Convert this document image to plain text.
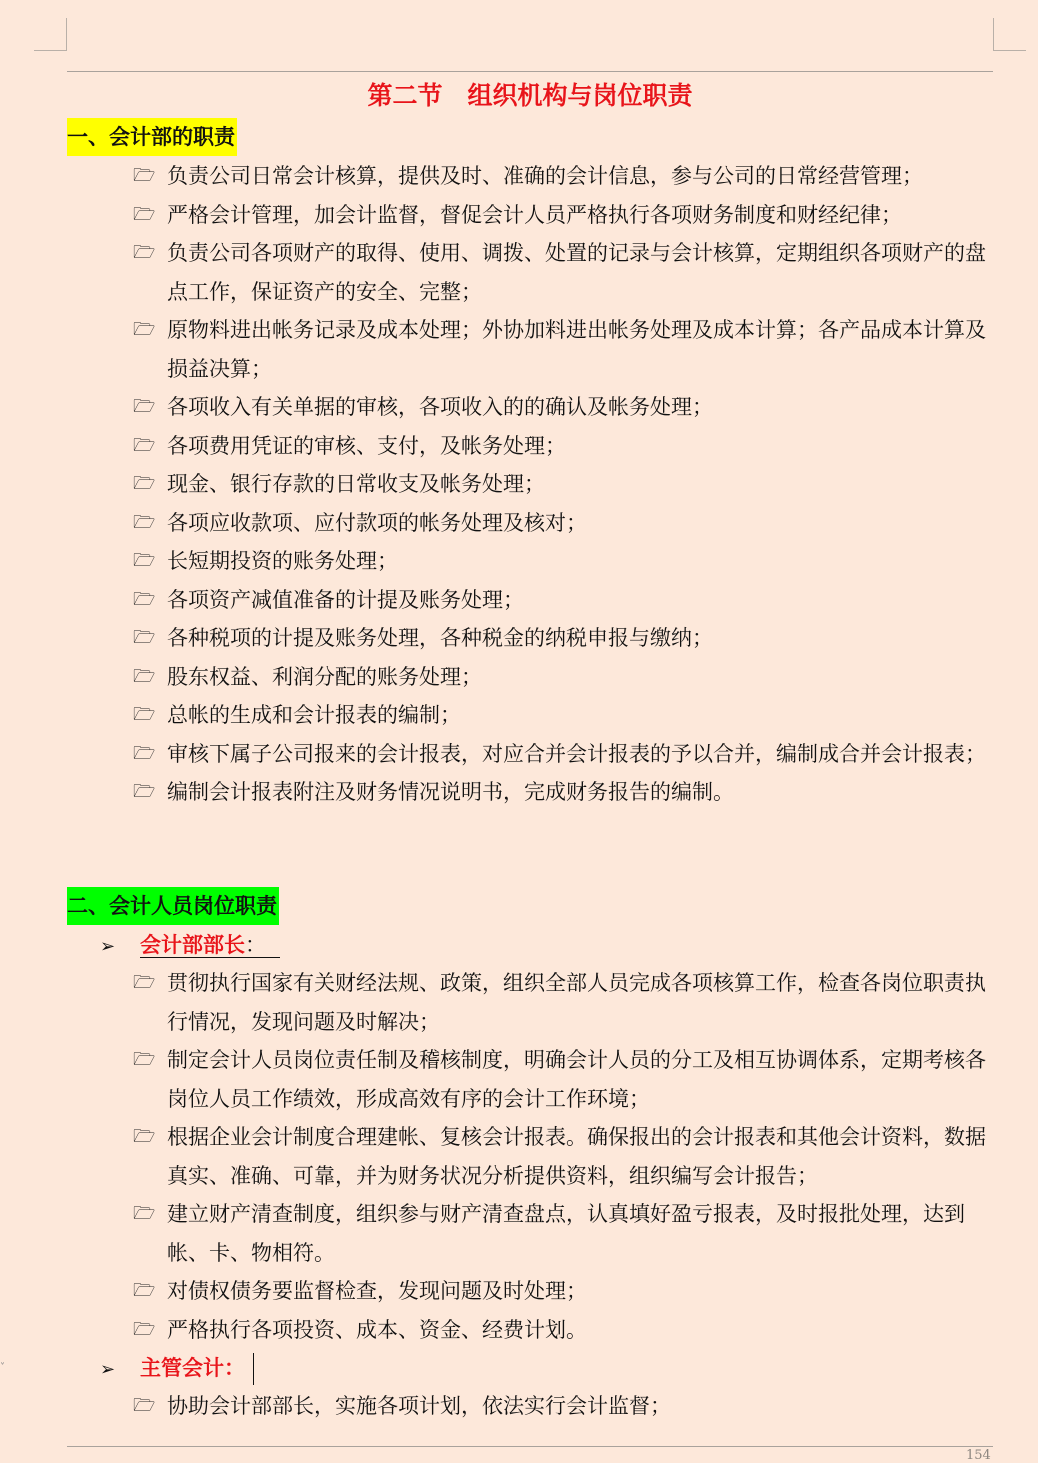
第二节　组织机构与岗位职责
一、会计部的职责
🗁 负责公司日常会计核算，提供及时、准确的会计信息，参与公司的日常经营管理；
🗁 严格会计管理，加会计监督，督促会计人员严格执行各项财务制度和财经纪律；
🗁 负责公司各项财产的取得、使用、调拨、处置的记录与会计核算，定期组织各项财产的盘点工作，保证资产的安全、完整；
🗁 原物料进出帐务记录及成本处理；外协加料进出帐务处理及成本计算；各产品成本计算及损益决算；
🗁 各项收入有关单据的审核，各项收入的的确认及帐务处理；
🗁 各项费用凭证的审核、支付，及帐务处理；
🗁 现金、银行存款的日常收支及帐务处理；
🗁 各项应收款项、应付款项的帐务处理及核对；
🗁 长短期投资的账务处理；
🗁 各项资产减值准备的计提及账务处理；
🗁 各种税项的计提及账务处理，各种税金的纳税申报与缴纳；
🗁 股东权益、利润分配的账务处理；
🗁 总帐的生成和会计报表的编制；
🗁 审核下属子公司报来的会计报表，对应合并会计报表的予以合并，编制成合并会计报表；
🗁 编制会计报表附注及财务情况说明书，完成财务报告的编制。
二、会计人员岗位职责
➢ 会计部部长：
🗁 贯彻执行国家有关财经法规、政策，组织全部人员完成各项核算工作，检查各岗位职责执行情况，发现问题及时解决；
🗁 制定会计人员岗位责任制及稽核制度，明确会计人员的分工及相互协调体系，定期考核各岗位人员工作绩效，形成高效有序的会计工作环境；
🗁 根据企业会计制度合理建帐、复核会计报表。确保报出的会计报表和其他会计资料，数据真实、准确、可靠，并为财务状况分析提供资料，组织编写会计报告；
🗁 建立财产清查制度，组织参与财产清查盘点，认真填好盈亏报表，及时报批处理，达到帐、卡、物相符。
🗁 对债权债务要监督检查，发现问题及时处理；
🗁 严格执行各项投资、成本、资金、经费计划。
➢ 主管会计：
🗁 协助会计部部长，实施各项计划，依法实行会计监督；
154
˅
